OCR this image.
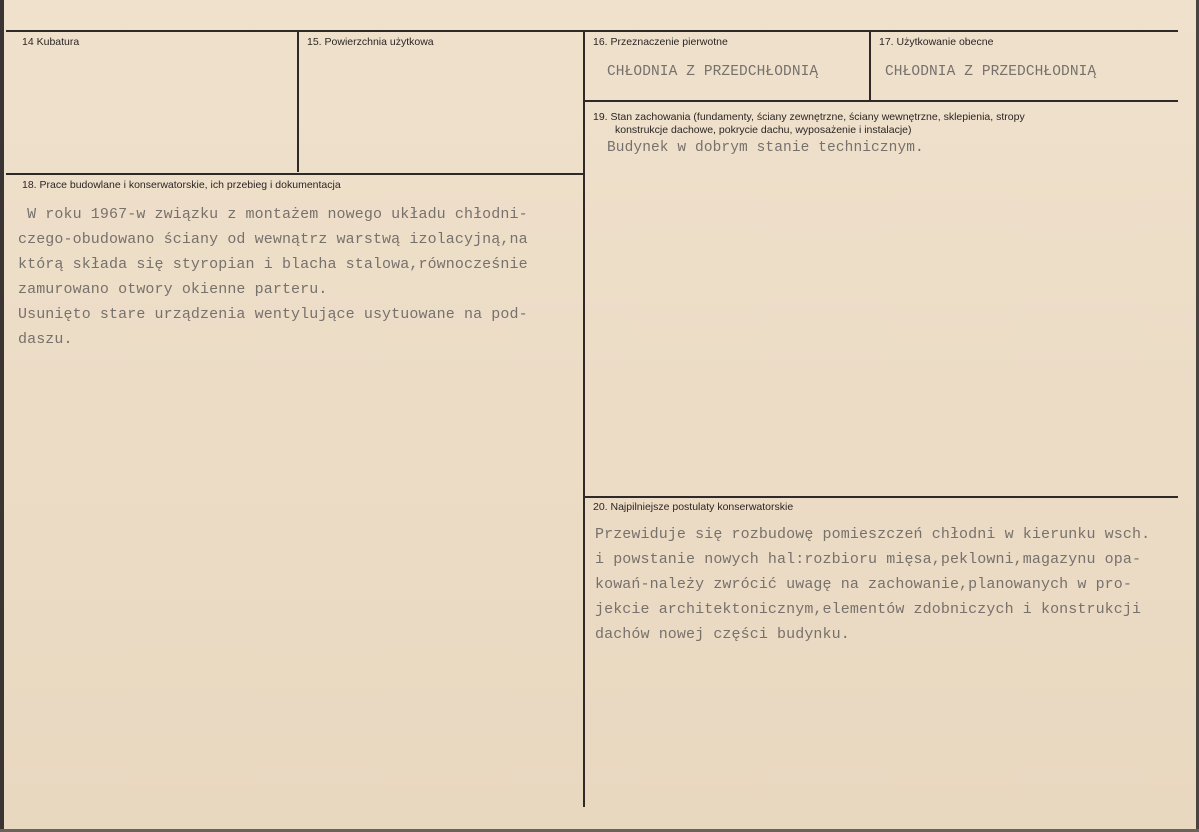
14 Kubatura	15. Powierzchnia użytkowa	16. Przeznaczenie pierwotne
CHŁODNIA Z PRZEDCHŁODNIĄ
17. Użytkowanie obecne
CHŁODNIA Z PRZEDCHŁODNIĄ
19. Stan zachowania (fundamenty, ściany zewnętrzne, ściany wewnętrzne, sklepienia, stropy
konstrukcje dachowe, pokrycie dachu, wyposażenie i instalacje)
Budynek w dobrym stanie technicznym.
18. Prace budowlane i konserwatorskie, ich przebieg i dokumentacja
W roku 1967-w związku z montażem nowego układu chłodni-
czego-obudowano ściany od wewnątrz warstwą izolacyjną,na
którą składa się styropian i blacha stalowa,równocześnie
zamurowano otwory okienne parteru.
Usunięto stare urządzenia wentylujące usytuowane na pod-
daszu.
20. Najpilniejsze postulaty konserwatorskie
Przewiduje się rozbudowę pomieszczeń chłodni w kierunku wsch.
i powstanie nowych hal:rozbioru mięsa,peklowni,magazynu opa-
kowań-należy zwrócić uwagę na zachowanie,planowanych w pro-
jekcie architektonicznym,elementów zdobniczych i konstrukcji
dachów nowej części budynku.
